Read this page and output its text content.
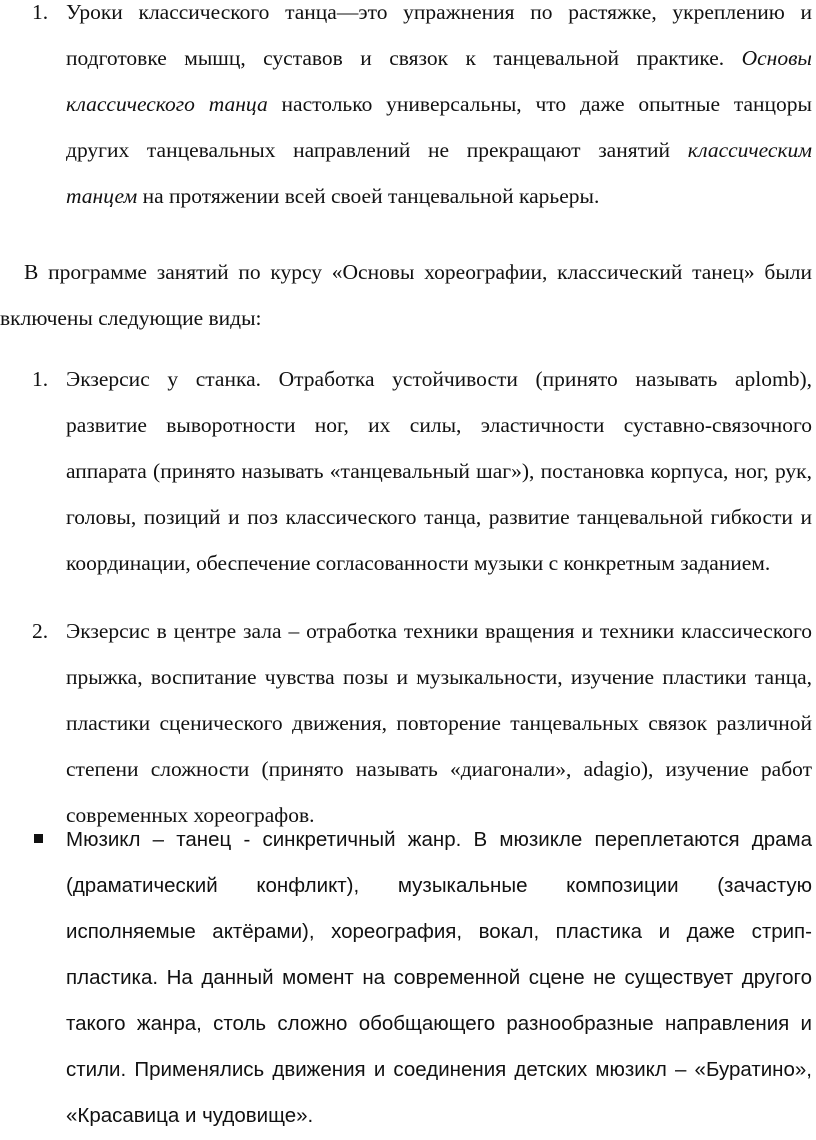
1. Уроки классического танца—это упражнения по растяжке, укреплению и подготовке мышц, суставов и связок к танцевальной практике. Основы классического танца настолько универсальны, что даже опытные танцоры других танцевальных направлений не прекращают занятий классическим танцем на протяжении всей своей танцевальной карьеры.
В программе занятий по курсу «Основы хореографии, классический танец» были включены следующие виды:
1. Экзерсис у станка. Отработка устойчивости (принято называть aplomb), развитие выворотности ног, их силы, эластичности суставно-связочного аппарата (принято называть «танцевальный шаг»), постановка корпуса, ног, рук, головы, позиций и поз классического танца, развитие танцевальной гибкости и координации, обеспечение согласованности музыки с конкретным заданием.
2. Экзерсис в центре зала – отработка техники вращения и техники классического прыжка, воспитание чувства позы и музыкальности, изучение пластики танца, пластики сценического движения, повторение танцевальных связок различной степени сложности (принято называть «диагонали», adagio), изучение работ современных хореографов.
Мюзикл – танец - синкретичный жанр. В мюзикле переплетаются драма (драматический конфликт), музыкальные композиции (зачастую исполняемые актёрами), хореография, вокал, пластика и даже стрип-пластика. На данный момент на современной сцене не существует другого такого жанра, столь сложно обобщающего разнообразные направления и стили. Применялись движения и соединения детских мюзикл – «Буратино», «Красавица и чудовище».
